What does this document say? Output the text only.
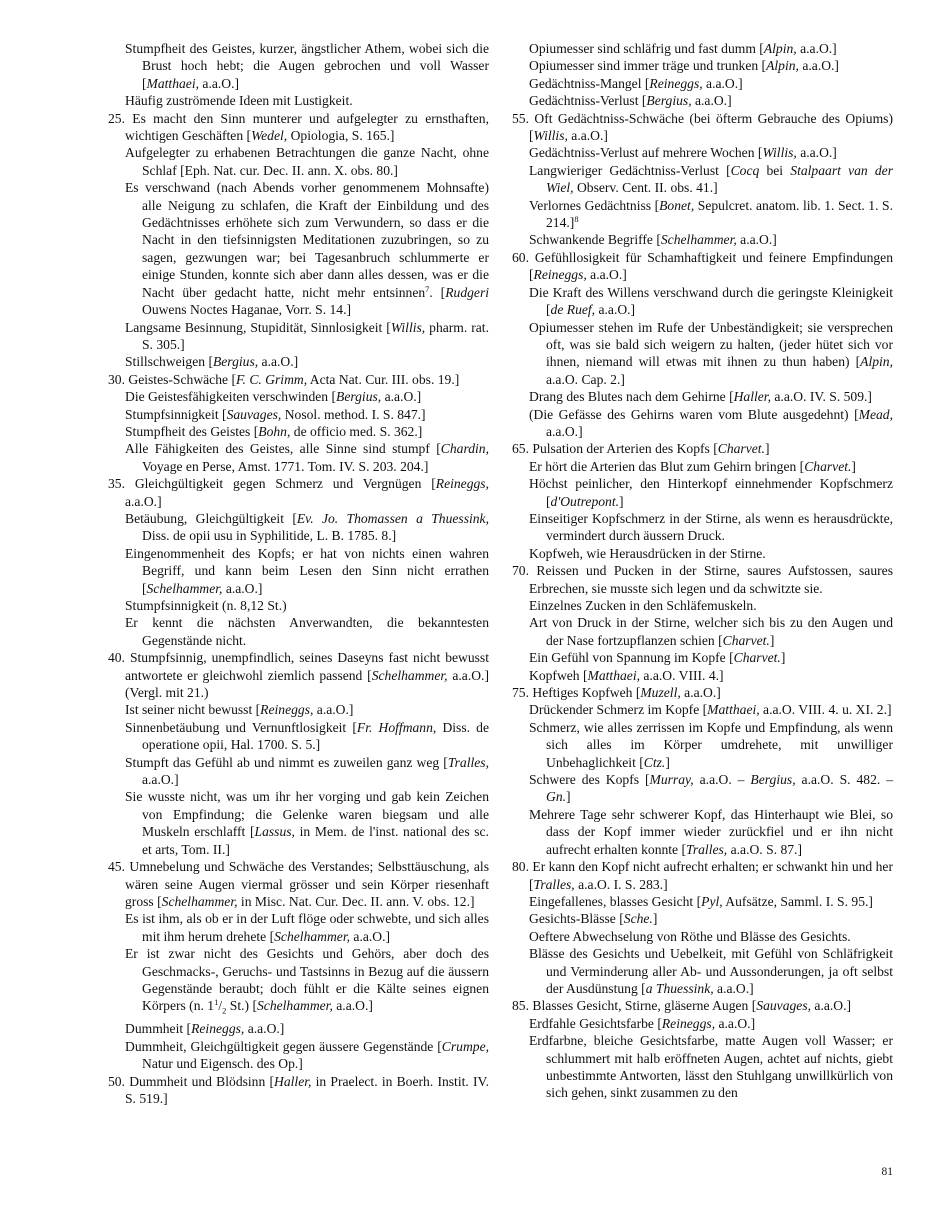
Stumpfheit des Geistes, kurzer, ängstlicher Athem, wobei sich die Brust hoch hebt; die Augen gebrochen und voll Wasser [Matthaei, a.a.O.]

Häufig zuströmende Ideen mit Lustigkeit.

25. Es macht den Sinn munterer und aufgelegter zu ernsthaften, wichtigen Geschäften [Wedel, Opiologia, S. 165.]

Aufgelegter zu erhabenen Betrachtungen die ganze Nacht, ohne Schlaf [Eph. Nat. cur. Dec. II. ann. X. obs. 80.]

Es verschwand (nach Abends vorher genommenem Mohnsafte) alle Neigung zu schlafen, die Kraft der Einbildung und des Gedächtnisses erhöhete sich zum Verwundern, so dass er die Nacht in den tiefsinnigsten Meditationen zuzubringen, so zu sagen, gezwungen war; bei Tagesanbruch schlummerte er einige Stunden, konnte sich aber dann alles dessen, was er die Nacht über gedacht hatte, nicht mehr entsinnen$^7$. [Rudgeri Ouwens Noctes Haganae, Vorr. S. 14.]

Langsame Besinnung, Stupidität, Sinnlosigkeit [Willis, pharm. rat. S. 305.]

Stillschweigen [Bergius, a.a.O.]

30. Geistes-Schwäche [F. C. Grimm, Acta Nat. Cur. III. obs. 19.]

Die Geistesfähigkeiten verschwinden [Bergius, a.a.O.]

Stumpfsinnigkeit [Sauvages, Nosol. method. I. S. 847.]

Stumpfheit des Geistes [Bohn, de officio med. S. 362.]

Alle Fähigkeiten des Geistes, alle Sinne sind stumpf [Chardin, Voyage en Perse, Amst. 1771. Tom. IV. S. 203. 204.]

35. Gleichgültigkeit gegen Schmerz und Vergnügen [Reineggs, a.a.O.]

Betäubung, Gleichgültigkeit [Ev. Jo. Thomassen a Thuessink, Diss. de opii usu in Syphilitide, L. B. 1785. 8.]

Eingenommenheit des Kopfs; er hat von nichts einen wahren Begriff, und kann beim Lesen den Sinn nicht errathen [Schelhammer, a.a.O.]

Stumpfsinnigkeit (n. 8,12 St.)

Er kennt die nächsten Anverwandten, die bekanntesten Gegenstände nicht.

40. Stumpfsinnig, unempfindlich, seines Daseyns fast nicht bewusst antwortete er gleichwohl ziemlich passend [Schelhammer, a.a.O.] (Vergl. mit 21.)

Ist seiner nicht bewusst [Reineggs, a.a.O.]

Sinnenbetäubung und Vernunftlosigkeit [Fr. Hoffmann, Diss. de operatione opii, Hal. 1700. S. 5.]

Stumpft das Gefühl ab und nimmt es zuweilen ganz weg [Tralles, a.a.O.]

Sie wusste nicht, was um ihr her vorging und gab kein Zeichen von Empfindung; die Gelenke waren biegsam und alle Muskeln erschlafft [Lassus, in Mem. de l'inst. national des sc. et arts, Tom. II.]

45. Umnebelung und Schwäche des Verstandes; Selbsttäuschung, als wären seine Augen viermal grösser und sein Körper riesenhaft gross [Schelhammer, in Misc. Nat. Cur. Dec. II. ann. V. obs. 12.]

Es ist ihm, als ob er in der Luft flöge oder schwebte, und sich alles mit ihm herum drehete [Schelhammer, a.a.O.]

Er ist zwar nicht des Gesichts und Gehörs, aber doch des Geschmacks-, Geruchs- und Tastsinns in Bezug auf die äussern Gegenstände beraubt; doch fühlt er die Kälte seines eignen Körpers (n. $1^1/_2$ St.) [Schelhammer, a.a.O.]

Dummheit [Reineggs, a.a.O.]

Dummheit, Gleichgültigkeit gegen äussere Gegenstände [Crumpe, Natur und Eigensch. des Op.]

50. Dummheit und Blödsinn [Haller, in Praelect. in Boerh. Instit. IV. S. 519.]

Opiumesser sind schläfrig und fast dumm [Alpin, a.a.O.]

Opiumesser sind immer träge und trunken [Alpin, a.a.O.]

Gedächtniss-Mangel [Reineggs, a.a.O.]

Gedächtniss-Verlust [Bergius, a.a.O.]

55. Oft Gedächtniss-Schwäche (bei öfterm Gebrauche des Opiums) [Willis, a.a.O.]

Gedächtniss-Verlust auf mehrere Wochen [Willis, a.a.O.]

Langwieriger Gedächtniss-Verlust [Cocq bei Stalpaart van der Wiel, Observ. Cent. II. obs. 41.]

Verlornes Gedächtniss [Bonet, Sepulcret. anatom. lib. 1. Sect. 1. S. 214.]$^8$

Schwankende Begriffe [Schelhammer, a.a.O.]

60. Gefühllosigkeit für Schamhaftigkeit und feinere Empfindungen [Reineggs, a.a.O.]

Die Kraft des Willens verschwand durch die geringste Kleinigkeit [de Ruef, a.a.O.]

Opiumesser stehen im Rufe der Unbeständigkeit; sie versprechen oft, was sie bald sich weigern zu halten, (jeder hütet sich vor ihnen, niemand will etwas mit ihnen zu thun haben) [Alpin, a.a.O. Cap. 2.]

Drang des Blutes nach dem Gehirne [Haller, a.a.O. IV. S. 509.]

(Die Gefässe des Gehirns waren vom Blute ausgedehnt) [Mead, a.a.O.]

65. Pulsation der Arterien des Kopfs [Charvet.]

Er hört die Arterien das Blut zum Gehirn bringen [Charvet.]

Höchst peinlicher, den Hinterkopf einnehmender Kopfschmerz [d'Outrepont.]

Einseitiger Kopfschmerz in der Stirne, als wenn es herausdrückte, vermindert durch äussern Druck.

Kopfweh, wie Herausdrücken in der Stirne.

70. Reissen und Pucken in der Stirne, saures Aufstossen, saures Erbrechen, sie musste sich legen und da schwitzte sie.

Einzelnes Zucken in den Schläfemuskeln.

Art von Druck in der Stirne, welcher sich bis zu den Augen und der Nase fortzupflanzen schien [Charvet.]

Ein Gefühl von Spannung im Kopfe [Charvet.]

Kopfweh [Matthaei, a.a.O. VIII. 4.]

75. Heftiges Kopfweh [Muzell, a.a.O.]

Drückender Schmerz im Kopfe [Matthaei, a.a.O. VIII. 4. u. XI. 2.]

Schmerz, wie alles zerrissen im Kopfe und Empfindung, als wenn sich alles im Körper umdrehete, mit unwilliger Unbehaglichkeit [Ctz.]

Schwere des Kopfs [Murray, a.a.O. – Bergius, a.a.O. S. 482. – Gn.]

Mehrere Tage sehr schwerer Kopf, das Hinterhaupt wie Blei, so dass der Kopf immer wieder zurückfiel und er ihn nicht aufrecht erhalten konnte [Tralles, a.a.O. S. 87.]

80. Er kann den Kopf nicht aufrecht erhalten; er schwankt hin und her [Tralles, a.a.O. I. S. 283.]

Eingefallenes, blasses Gesicht [Pyl, Aufsätze, Samml. I. S. 95.]

Gesichts-Blässe [Sche.]

Oeftere Abwechselung von Röthe und Blässe des Gesichts.

Blässe des Gesichts und Uebelkeit, mit Gefühl von Schläfrigkeit und Verminderung aller Ab- und Aussonderungen, ja oft selbst der Ausdünstung [a Thuessink, a.a.O.]

85. Blasses Gesicht, Stirne, gläserne Augen [Sauvages, a.a.O.]

Erdfahle Gesichtsfarbe [Reineggs, a.a.O.]

Erdfarbne, bleiche Gesichtsfarbe, matte Augen voll Wasser; er schlummert mit halb eröffneten Augen, achtet auf nichts, giebt unbestimmte Antworten, lässt den Stuhlgang unwillkürlich von sich gehen, sinkt zusammen zu den

81
